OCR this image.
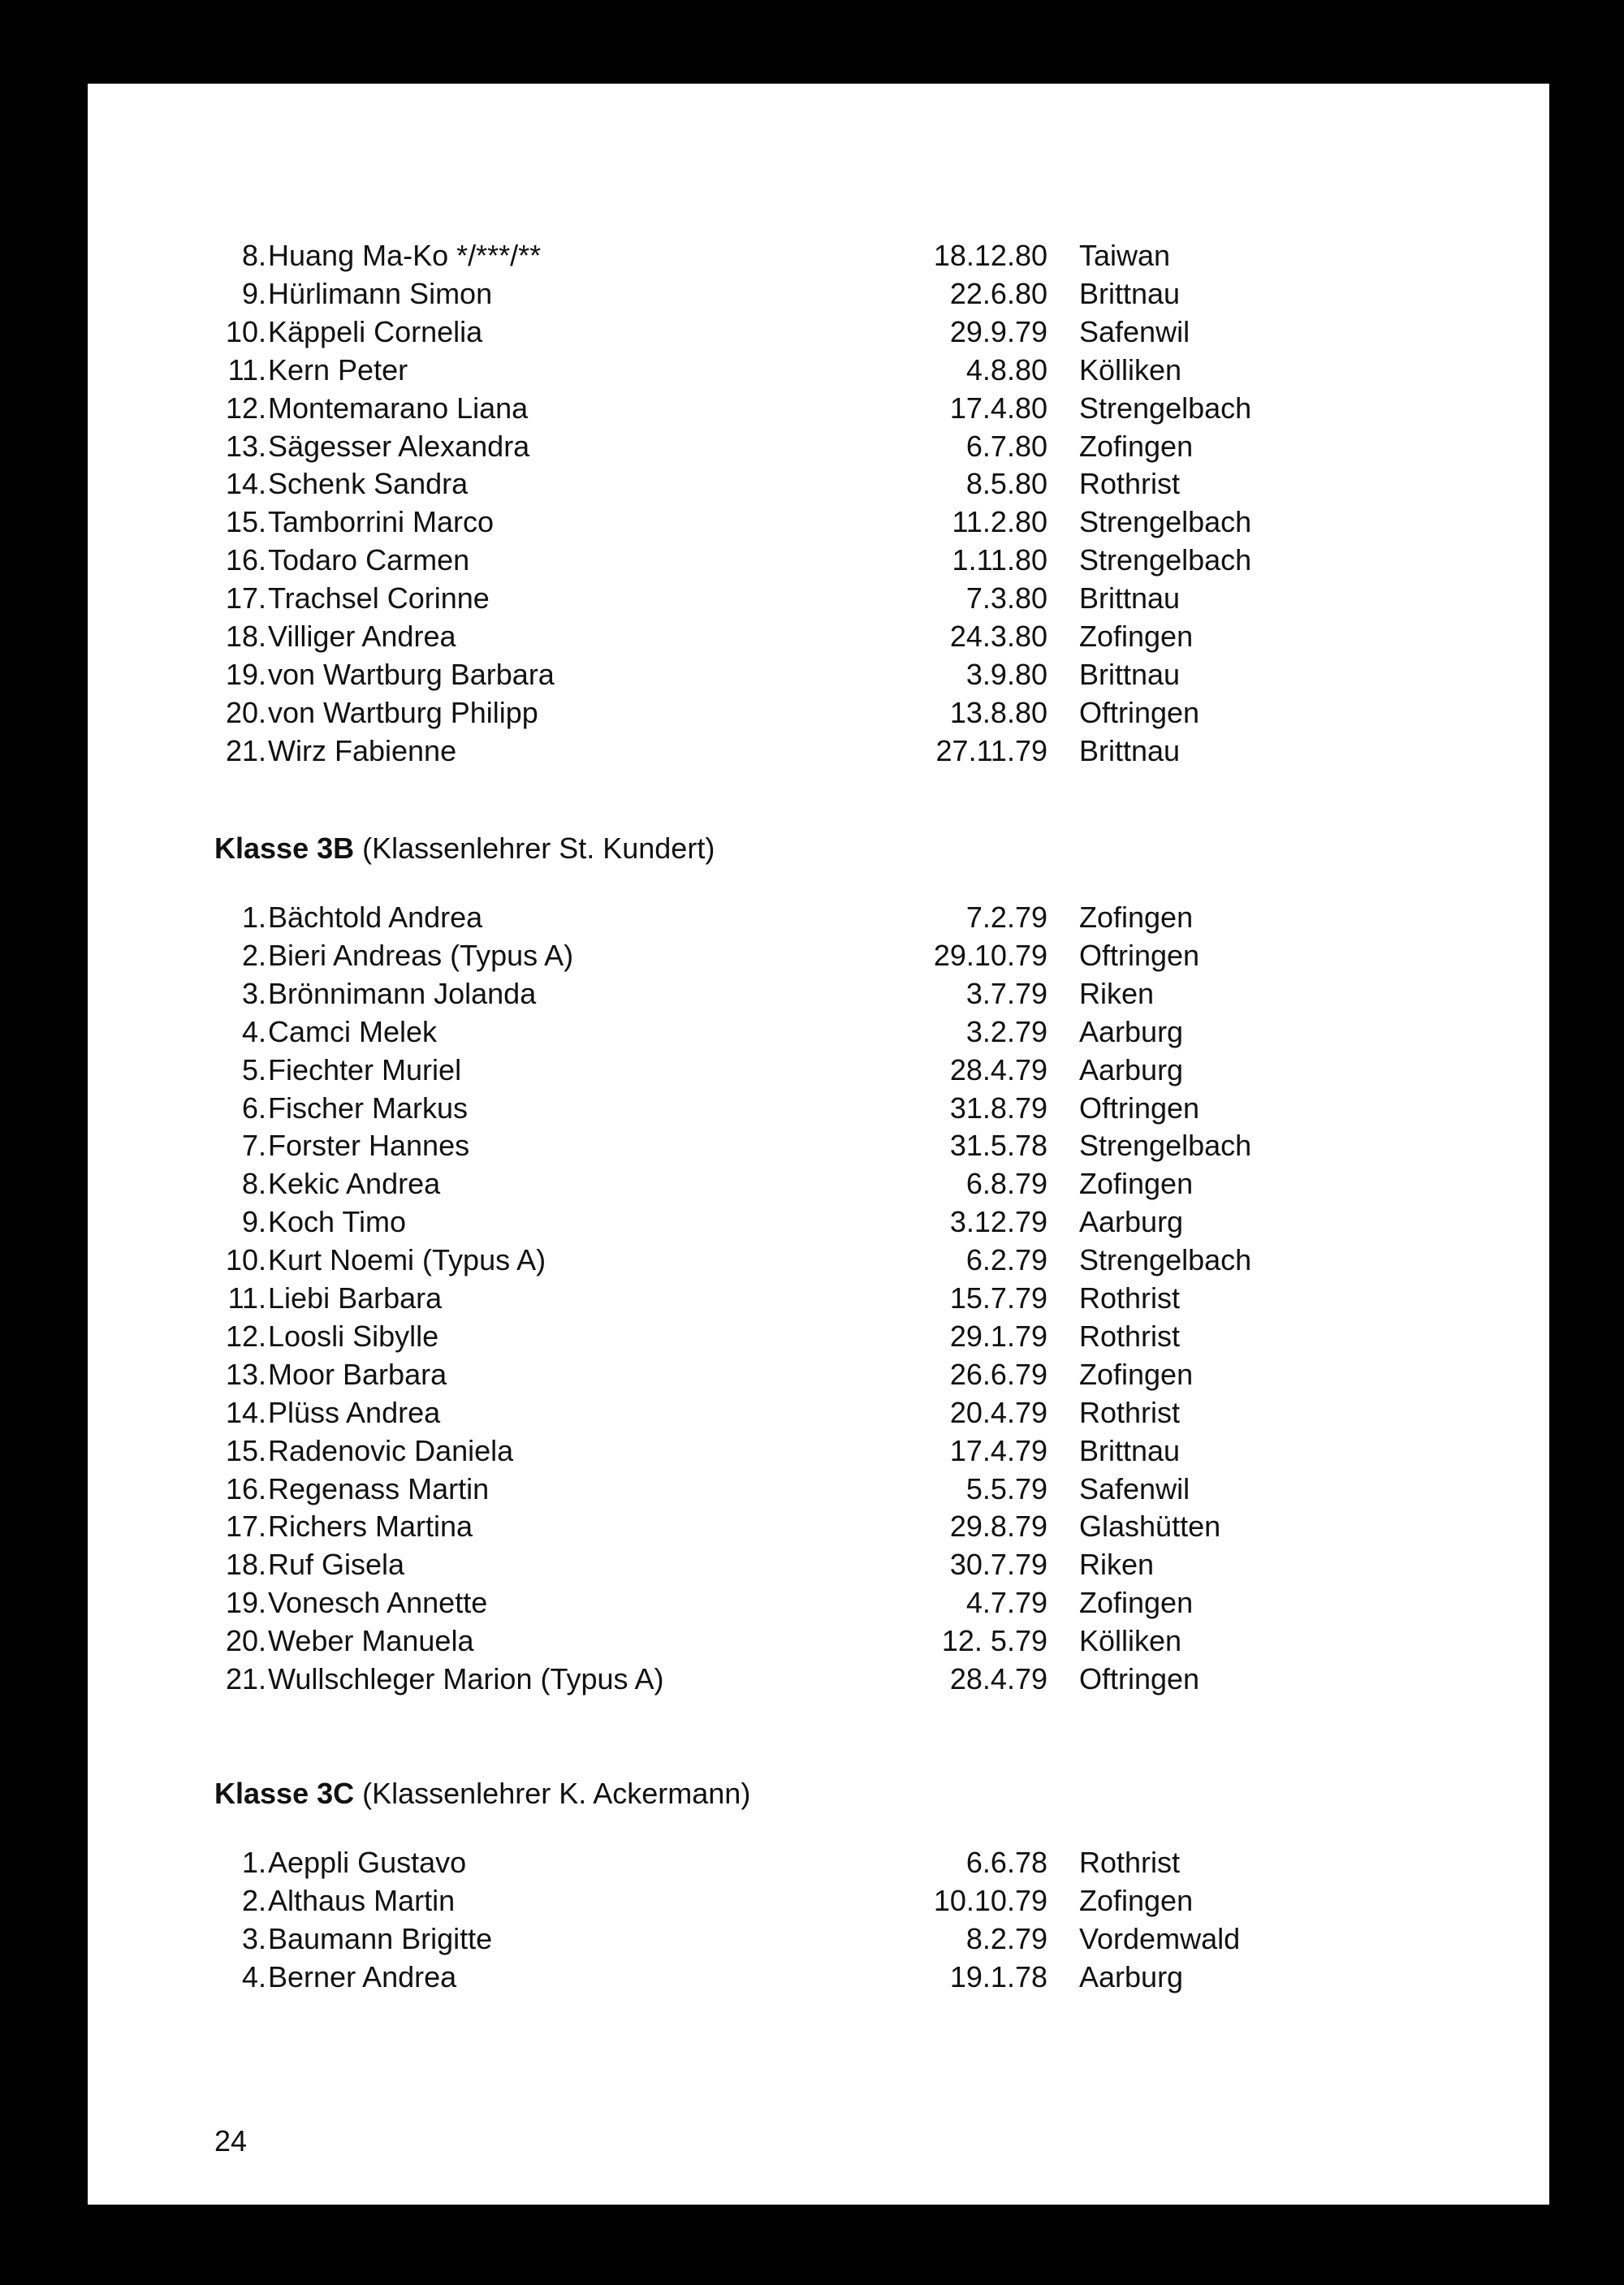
8. Huang Ma-Ko */***/**	18.12.80 Taiwan
9. Hürlimann Simon	22.6.80 Brittnau
10. Käppeli Cornelia	29.9.79 Safenwil
11. Kern Peter	4.8.80 Kölliken
12. Montemarano Liana	17.4.80 Strengelbach
13. Sägesser Alexandra	6.7.80 Zofingen
14. Schenk Sandra	8.5.80 Rothrist
15. Tamborrini Marco	11.2.80 Strengelbach
16. Todaro Carmen	1.11.80 Strengelbach
17. Trachsel Corinne	7.3.80 Brittnau
18. Villiger Andrea	24.3.80 Zofingen
19. von Wartburg Barbara	3.9.80 Brittnau
20. von Wartburg Philipp	13.8.80 Oftringen
21. Wirz Fabienne	27.11.79 Brittnau
Klasse 3B (Klassenlehrer St. Kundert)
1. Bächtold Andrea	7.2.79 Zofingen
2. Bieri Andreas (Typus A)	29.10.79 Oftringen
3. Brönnimann Jolanda	3.7.79 Riken
4. Camci Melek	3.2.79 Aarburg
5. Fiechter Muriel	28.4.79 Aarburg
6. Fischer Markus	31.8.79 Oftringen
7. Forster Hannes	31.5.78 Strengelbach
8. Kekic Andrea	6.8.79 Zofingen
9. Koch Timo	3.12.79 Aarburg
10. Kurt Noemi (Typus A)	6.2.79 Strengelbach
11. Liebi Barbara	15.7.79 Rothrist
12. Loosli Sibylle	29.1.79 Rothrist
13. Moor Barbara	26.6.79 Zofingen
14. Plüss Andrea	20.4.79 Rothrist
15. Radenovic Daniela	17.4.79 Brittnau
16. Regenass Martin	5.5.79 Safenwil
17. Richers Martina	29.8.79 Glashütten
18. Ruf Gisela	30.7.79 Riken
19. Vonesch Annette	4.7.79 Zofingen
20. Weber Manuela	12. 5.79 Kölliken
21. Wullschleger Marion (Typus A)	28.4.79 Oftringen
Klasse 3C (Klassenlehrer K. Ackermann)
1. Aeppli Gustavo	6.6.78 Rothrist
2. Althaus Martin	10.10.79 Zofingen
3. Baumann Brigitte	8.2.79 Vordemwald
4. Berner Andrea	19.1.78 Aarburg
24
